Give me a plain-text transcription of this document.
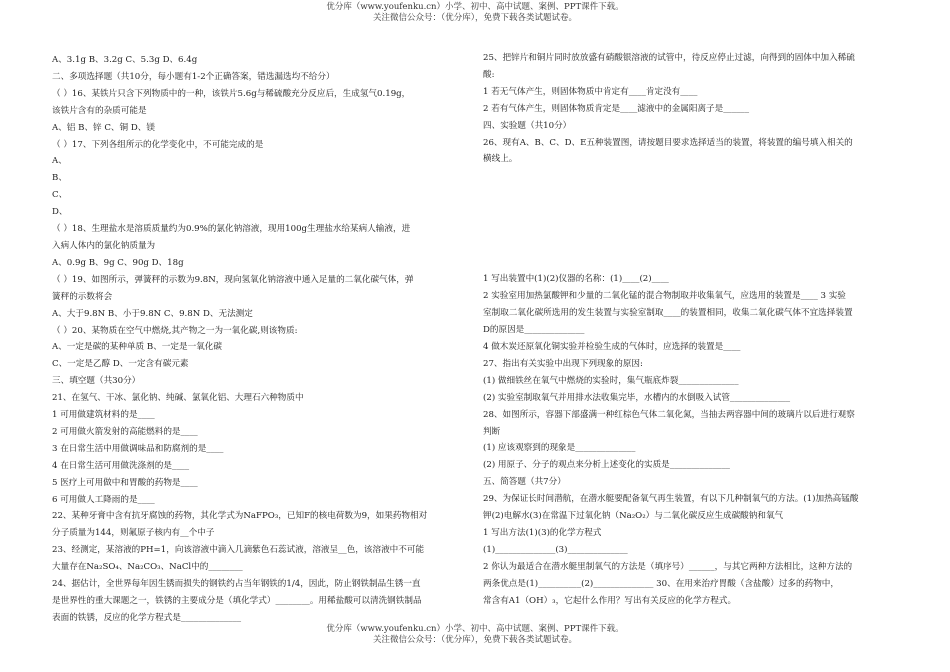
优分库（www.youfenku.cn）小学、初中、高中试题、案例、PPT课件下载。
关注微信公众号：（优分库），免费下载各类试题试卷。

A、3.1g B、3.2g C、5.3g D、6.4g

二、多项选择题（共10分，每小题有1-2个正确答案，错选漏选均不给分）

（ ）16、某铁片只含下列物质中的一种，该铁片5.6g与稀硫酸充分反应后，生成氢气0.19g，

该铁片含有的杂质可能是

A、铝 B、锌 C、铜 D、镁

（ ）17、下列各组所示的化学变化中，不可能完成的是

A、

B、

C、

D、

（ ）18、生理盐水是溶质质量约为0.9%的氯化钠溶液，现用100g生理盐水给某病人输液，进

入病人体内的氯化钠质量为

A、0.9g B、9g C、90g D、18g

（ ）19、如图所示，弹簧秤的示数为9.8N，现向氢氧化钠溶液中通入足量的二氧化碳气体，弹

簧秤的示数将会

A、大于9.8N B、小于9.8N C、9.8N D、无法测定

（ ）20、某物质在空气中燃烧,其产物之一为一氧化碳,则该物质:

A、一定是碳的某种单质 B、一定是一氧化碳

C、一定是乙醇 D、一定含有碳元素

三、填空题（共30分）

21、在氢气、干冰、氯化钠、纯碱、氯氧化铝、大理石六种物质中

1 可用做建筑材料的是____

2 可用做火箭发射的高能燃料的是____

3 在日常生活中用做调味品和防腐剂的是____

4 在日常生活可用做洗涤剂的是____

5 医疗上可用做中和胃酸的药物是____

6 可用做人工降雨的是____

22、某种牙膏中含有抗牙腐蚀的药物，其化学式为NaFPO₃，已知F的核电荷数为9，如果药物相对

分子质量为144，则氟原子核内有__个中子

23、经测定，某溶液的PH=1，向该溶液中滴入几滴紫色石蕊试液，溶液呈__色，该溶液中不可能

大量存在Na₂SO₄、Na₂CO₃、NaCl中的________

24、据估计，全世界每年因生锈而损失的钢铁约占当年钢铁的1/4，因此，防止钢铁制品生锈一直

是世界性的重大课题之一，铁锈的主要成分是（填化学式）________。用稀盐酸可以清洗钢铁制品

表面的铁锈，反应的化学方程式是______________

25、把锌片和铜片同时放放盛有硝酸银溶液的试管中，待反应停止过滤，向得到的固体中加入稀硫

酸:

1 若无气体产生，则固体物质中肯定有____肯定没有____

2 若有气体产生，则固体物质肯定是____滤液中的金属阳离子是______

四、实验题（共10分）

26、现有A、B、C、D、E五种装置图，请按题目要求选择适当的装置，将装置的编号填入相关的

横线上。

1 写出装置中(1)(2)仪器的名称：(1)____(2)____

2 实验室用加热氯酸钾和少量的二氧化锰的混合物制取并收集氧气，应选用的装置是____ 3 实验

室制取二氧化碳所选用的发生装置与实验室制取____的装置相同，收集二氧化碳气体不宜选择装置

D的原因是______________

4 做木炭还原氧化铜实验并检验生成的气体时，应选择的装置是____

27、指出有关实验中出现下列现象的原因:

(1) 做细铁丝在氧气中燃烧的实验时，集气瓶底炸裂______________

(2) 实验室制取氧气并用排水法收集完毕，水槽内的水倒吸入试管______________

28、如图所示，容器下部盛满一种红棕色气体二氧化氮，当抽去两容器中间的玻璃片以后进行观察

判断

(1) 应该观察到的现象是______________

(2) 用原子、分子的观点来分析上述变化的实质是______________

五、简答题（共7分）

29、为保证长时间潜航，在潜水艇要配备氧气再生装置，有以下几种制氧气的方法。(1)加热高锰酸

钾(2)电解水(3)在常温下过氧化钠（Na₂O₂）与二氧化碳反应生成碳酸钠和氧气

1 写出方法(1)(3)的化学方程式

(1)______________(3)______________

2 你认为最适合在潜水艇里制氧气的方法是（填序号）______，与其它两种方法相比，这种方法的

两条优点是(1)__________(2)______________ 30、在用来治疗胃酸（含盐酸）过多的药物中，

常含有A1（OH）₃，它起什么作用？写出有关反应的化学方程式。

优分库（www.youfenku.cn）小学、初中、高中试题、案例、PPT课件下载。
关注微信公众号：（优分库），免费下载各类试题试卷。
